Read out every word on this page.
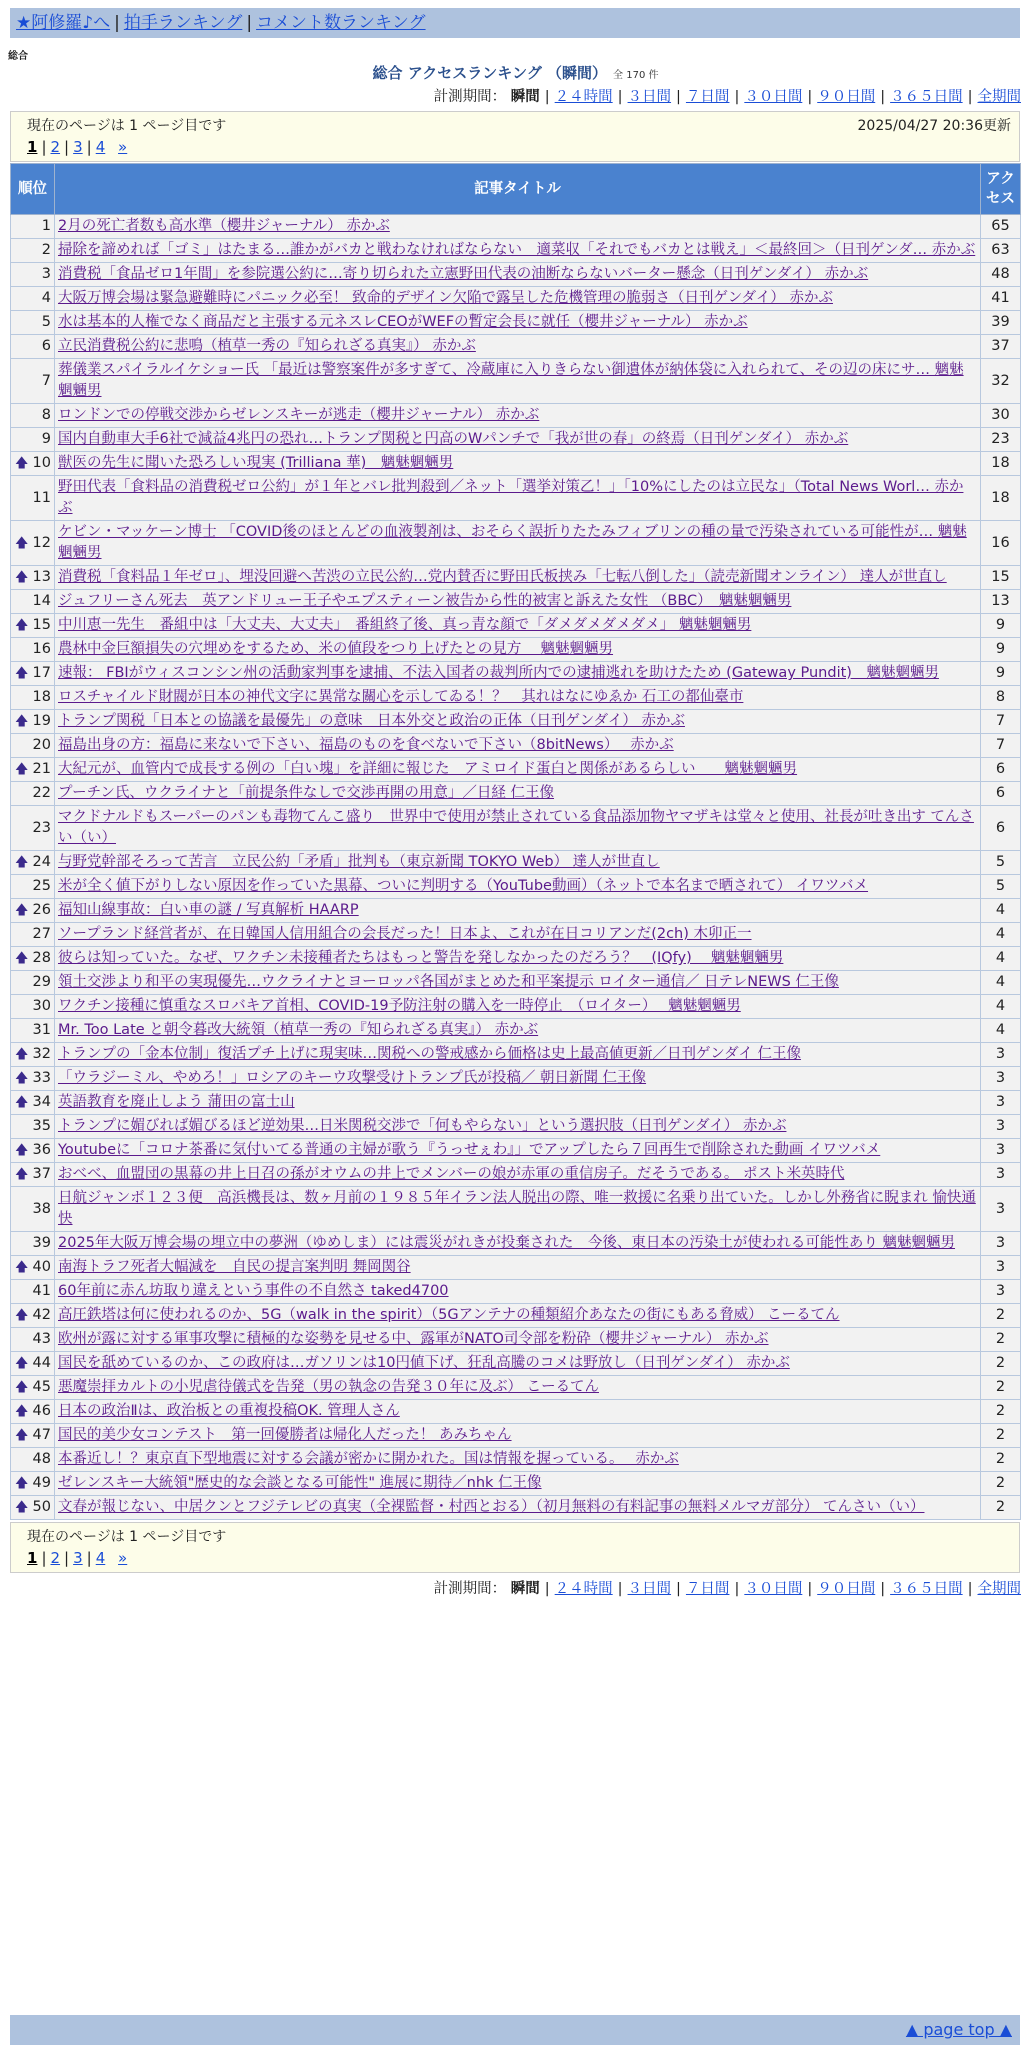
★阿修羅♪へ | 拍手ランキング | コメント数ランキング
総合
総合 アクセスランキング （瞬間） 全 170 件
計測期間： 瞬間 | ２４時間 | ３日間 | ７日間 | ３０日間 | ９０日間 | ３６５日間 | 全期間
現在のページは 1 ページ目です	2025/04/27 20:36更新
1 | 2 | 3 | 4 »
順位	記事タイトル	アクセス
1	2月の死亡者数も高水準（櫻井ジャーナル） 赤かぶ	65
2	掃除を諦めれば「ゴミ」はたまる…誰かがバカと戦わなければならない　適菜収「それでもバカとは戦え」＜最終回＞（日刊ゲンダ… 赤かぶ	63
3	消費税「食品ゼロ1年間」を参院選公約に…寄り切られた立憲野田代表の油断ならないバーター懸念（日刊ゲンダイ） 赤かぶ	48
4	大阪万博会場は緊急避難時にパニック必至！ 致命的デザイン欠陥で露呈した危機管理の脆弱さ（日刊ゲンダイ） 赤かぶ	41
5	水は基本的人権でなく商品だと主張する元ネスレCEOがWEFの暫定会長に就任（櫻井ジャーナル） 赤かぶ	39
6	立民消費税公約に悲鳴（植草一秀の『知られざる真実』） 赤かぶ	37
7	葬儀業スパイラルイケショー氏 「最近は警察案件が多すぎて、冷蔵庫に入りきらない御遺体が納体袋に入れられて、その辺の床にサ… 魑魅魍魎男	32
8	ロンドンでの停戦交渉からゼレンスキーが逃走（櫻井ジャーナル） 赤かぶ	30
9	国内自動車大手6社で減益4兆円の恐れ…トランプ関税と円高のWパンチで「我が世の春」の終焉（日刊ゲンダイ） 赤かぶ	23

🡅 10	獣医の先生に聞いた恐ろしい現実 (Trilliana 華)　魑魅魍魎男	18
11	野田代表「食料品の消費税ゼロ公約」が１年とバレ批判殺到／ネット「選挙対策乙！」「10%にしたのは立民な」（Total News Worl… 赤かぶ	18

🡅 12	ケビン・マッケーン博士 「COVID後のほとんどの血液製剤は、おそらく誤折りたたみフィブリンの種の量で汚染されている可能性が… 魑魅魍魎男	16

🡅 13	消費税「食料品１年ゼロ」、埋没回避へ苦渋の立民公約…党内賛否に野田氏板挟み「七転八倒した」（読売新聞オンライン） 達人が世直し	15
14	ジュフリーさん死去　英アンドリュー王子やエプスティーン被告から性的被害と訴えた女性 （BBC）　魑魅魍魎男	13

🡅 15	中川恵一先生　番組中は「大丈夫、大丈夫」　番組終了後、真っ青な顔で「ダメダメダメダメ」 魑魅魍魎男	9
16	農林中金巨額損失の穴埋めをするため、米の値段をつり上げたとの見方　 魑魅魍魎男	9

🡅 17	速報： FBIがウィスコンシン州の活動家判事を逮捕、不法入国者の裁判所内での逮捕逃れを助けたため (Gateway Pundit)　魑魅魍魎男	9
18	ロスチャイルド財閥が日本の神代文字に異常な關心を示してゐる！？　其れはなにゆゑか 石工の都仙臺市	8

🡅 19	トランプ関税「日本との協議を最優先」の意味　日本外交と政治の正体（日刊ゲンダイ） 赤かぶ	7
20	福島出身の方：福島に来ないで下さい、福島のものを食べないで下さい（8bitNews）　 赤かぶ	7

🡅 21	大紀元が、血管内で成長する例の「白い塊」を詳細に報じた　アミロイド蛋白と関係があるらしい　　魑魅魍魎男	6
22	プーチン氏、ウクライナと「前提条件なしで交渉再開の用意」／日経 仁王像	6
23	マクドナルドもスーパーのパンも毒物てんこ盛り　世界中で使用が禁止されている食品添加物ヤマザキは堂々と使用、社長が吐き出す てんさい（い）	6

🡅 24	与野党幹部そろって苦言　立民公約「矛盾」批判も（東京新聞 TOKYO Web） 達人が世直し	5
25	米が全く値下がりしない原因を作っていた黒幕、ついに判明する（YouTube動画）（ネットで本名まで晒されて） イワツバメ	5

🡅 26	福知山線事故：白い車の謎 / 写真解析 HAARP	4
27	ソープランド経営者が、在日韓国人信用組合の会長だった！日本よ、これが在日コリアンだ(2ch) 木卯正一	4

🡅 28	彼らは知っていた。なぜ、ワクチン未接種者たちはもっと警告を発しなかったのだろう？　(IQfy)　 魑魅魍魎男	4
29	領土交渉より和平の実現優先…ウクライナとヨーロッパ各国がまとめた和平案提示 ロイター通信／ 日テレNEWS 仁王像	4
30	ワクチン接種に慎重なスロバキア首相、COVID-19予防注射の購入を一時停止　（ロイター）　 魑魅魍魎男	4
31	Mr. Too Late と朝令暮改大統領（植草一秀の『知られざる真実』） 赤かぶ	4

🡅 32	トランプの「金本位制」復活プチ上げに現実味…関税への警戒感から価格は史上最高値更新／日刊ゲンダイ 仁王像	3

🡅 33	「ウラジーミル、やめろ！」ロシアのキーウ攻撃受けトランプ氏が投稿／ 朝日新聞 仁王像	3

🡅 34	英語教育を廃止しよう 蒲田の富士山	3
35	トランプに媚びれば媚びるほど逆効果…日米関税交渉で「何もやらない」という選択肢（日刊ゲンダイ） 赤かぶ	3

🡅 36	Youtubeに「コロナ茶番に気付いてる普通の主婦が歌う『うっせぇわ』」でアップしたら７回再生で削除された動画 イワツバメ	3

🡅 37	おべべ、血盟団の黒幕の井上日召の孫がオウムの井上でメンバーの娘が赤軍の重信房子。だそうである。 ポスト米英時代	3
38	日航ジャンボ１２３便　高浜機長は、数ヶ月前の１９８５年イラン法人脱出の際、唯一救援に名乗り出ていた。しかし外務省に睨まれ 愉快通快	3
39	2025年大阪万博会場の埋立中の夢洲（ゆめしま）には震災がれきが投棄された　今後、東日本の汚染土が使われる可能性あり 魑魅魍魎男	3

🡅 40	南海トラフ死者大幅減を　自民の提言案判明 舞岡関谷	3
41	60年前に赤ん坊取り違えという事件の不自然さ taked4700	3

🡅 42	高圧鉄塔は何に使われるのか、5G（walk in the spirit）（5Gアンテナの種類紹介あなたの街にもある脅威） こーるてん	2
43	欧州が露に対する軍事攻撃に積極的な姿勢を見せる中、露軍がNATO司令部を粉砕（櫻井ジャーナル） 赤かぶ	2

🡅 44	国民を舐めているのか、この政府は…ガソリンは10円値下げ、狂乱高騰のコメは野放し（日刊ゲンダイ） 赤かぶ	2

🡅 45	悪魔崇拝カルトの小児虐待儀式を告発（男の執念の告発３０年に及ぶ） こーるてん	2

🡅 46	日本の政治Ⅱは、政治板との重複投稿OK. 管理人さん	2

🡅 47	国民的美少女コンテスト　第一回優勝者は帰化人だった！ あみちゃん	2
48	本番近し！？東京直下型地震に対する会議が密かに開かれた。国は情報を握っている。　 赤かぶ	2

🡅 49	ゼレンスキー大統領"歴史的な会談となる可能性" 進展に期待／nhk 仁王像	2

🡅 50	文春が報じない、中居クンとフジテレビの真実（全裸監督・村西とおる）（初月無料の有料記事の無料メルマガ部分） てんさい（い）	2
現在のページは 1 ページ目です
1 | 2 | 3 | 4 »
計測期間： 瞬間 | ２４時間 | ３日間 | ７日間 | ３０日間 | ９０日間 | ３６５日間 | 全期間
▲ page top ▲
